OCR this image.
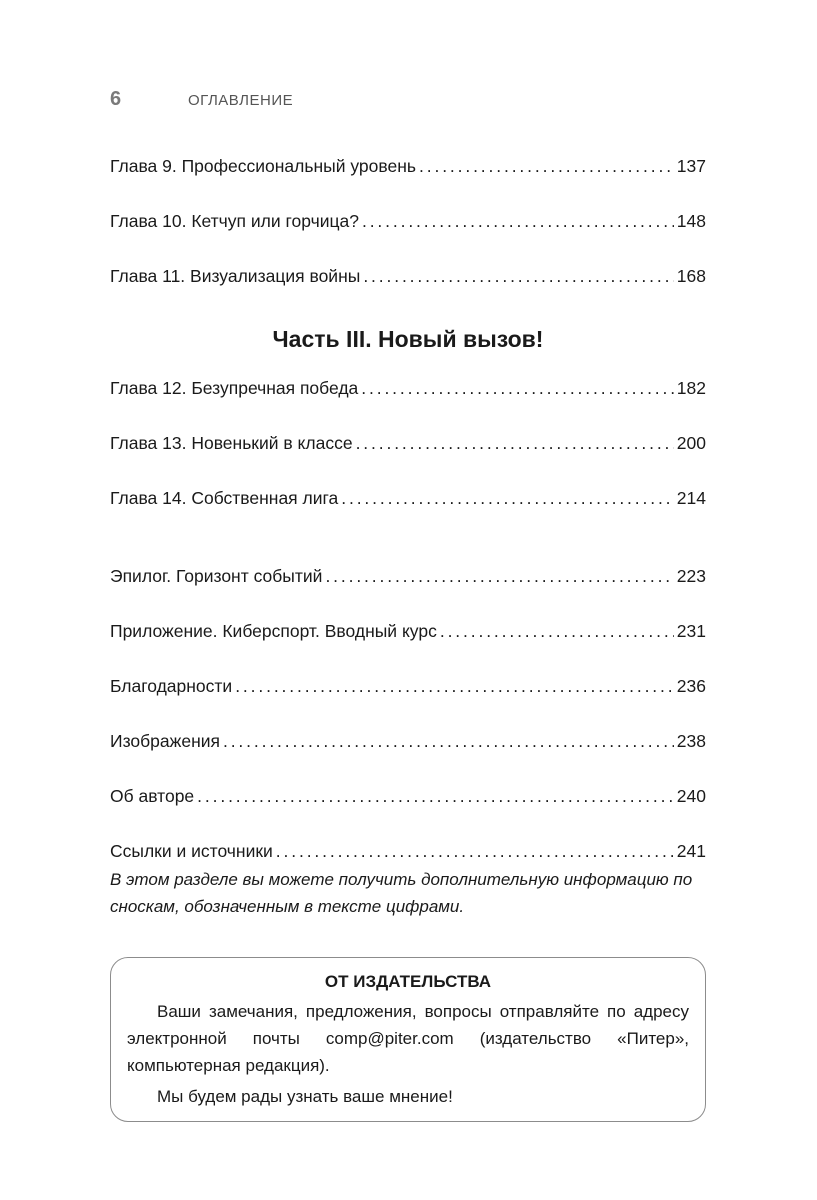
6	ОГЛАВЛЕНИЕ
Глава 9. Профессиональный уровень . . .	137
Глава 10. Кетчуп или горчица? . . .	148
Глава 11. Визуализация войны . . .	168
Часть III. Новый вызов!
Глава 12. Безупречная победа . . .	182
Глава 13. Новенький в классе . . .	200
Глава 14. Собственная лига . . .	214
Эпилог. Горизонт событий . . .	223
Приложение. Киберспорт. Вводный курс . . .	231
Благодарности . . .	236
Изображения . . .	238
Об авторе . . .	240
Ссылки и источники . . .	241
В этом разделе вы можете получить дополнительную информацию по сноскам, обозначенным в тексте цифрами.
ОТ ИЗДАТЕЛЬСТВА

Ваши замечания, предложения, вопросы отправляйте по адресу электронной почты comp@piter.com (издательство «Питер», компьютерная редакция).

Мы будем рады узнать ваше мнение!
